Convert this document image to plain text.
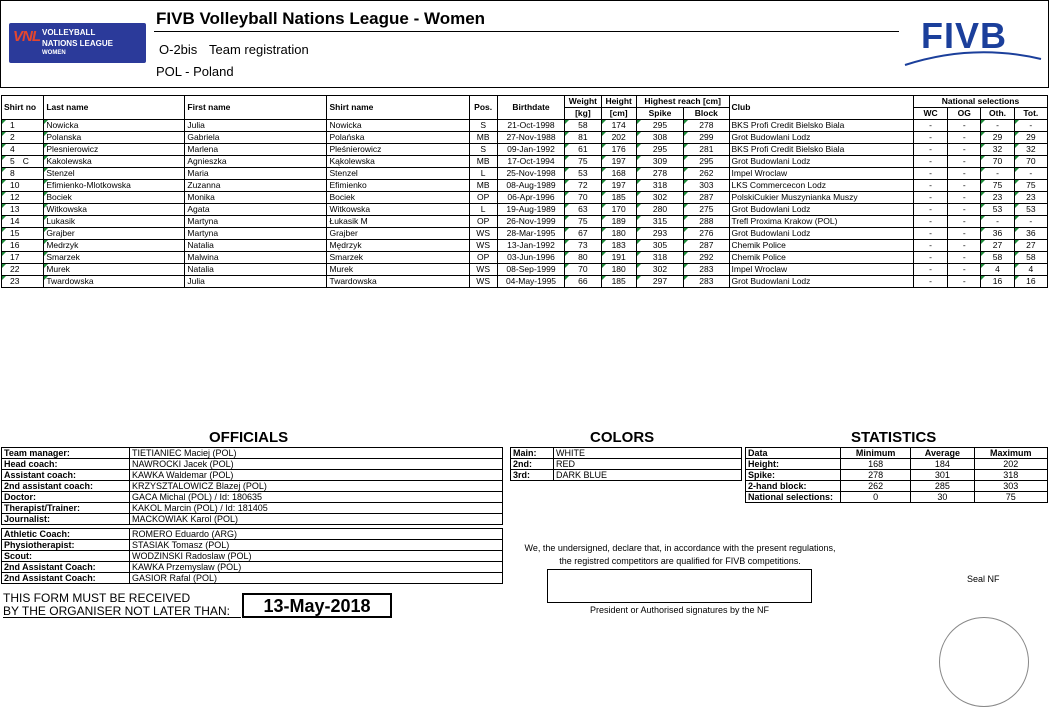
VNL VOLLEYBALL
NATIONS LEAGUE
WOMEN
FIVB Volleyball Nations League - Women
O-2bis Team registration
POL - Poland
FIVB
Shirt no	Last name	First name	Shirt name	Pos.	Birthdate	Weight	Height	Highest reach [cm]		Club	National selections			
						[kg]	[cm]	Spike	Block		WC	OG	Oth.	Tot.
1	Nowicka	Julia	Nowicka	S	21-Oct-1998	58	174	295	278	BKS Profi Credit Bielsko Biala	-	-	-	-
2	Polanska	Gabriela	Polańska	MB	27-Nov-1988	81	202	308	299	Grot Budowlani Lodz	-	-	29	29
4	Plesnierowicz	Marlena	Pleśnierowicz	S	09-Jan-1992	61	176	295	281	BKS Profi Credit Bielsko Biala	-	-	32	32
5 C	Kakolewska	Agnieszka	Kąkolewska	MB	17-Oct-1994	75	197	309	295	Grot Budowlani Lodz	-	-	70	70
8	Stenzel	Maria	Stenzel	L	25-Nov-1998	53	168	278	262	Impel Wroclaw	-	-	-	-
10	Efimienko-Mlotkowska	Zuzanna	Efimienko	MB	08-Aug-1989	72	197	318	303	LKS Commercecon Lodz	-	-	75	75
12	Bociek	Monika	Bociek	OP	06-Apr-1996	70	185	302	287	PolskiCukier Muszynianka Muszy	-	-	23	23
13	Witkowska	Agata	Witkowska	L	19-Aug-1989	63	170	280	275	Grot Budowlani Lodz	-	-	53	53
14	Lukasik	Martyna	Łukasik M	OP	26-Nov-1999	75	189	315	288	Trefl Proxima Krakow (POL)	-	-	-	-
15	Grajber	Martyna	Grajber	WS	28-Mar-1995	67	180	293	276	Grot Budowlani Lodz	-	-	36	36
16	Medrzyk	Natalia	Mędrzyk	WS	13-Jan-1992	73	183	305	287	Chemik Police	-	-	27	27
17	Smarzek	Malwina	Smarzek	OP	03-Jun-1996	80	191	318	292	Chemik Police	-	-	58	58
22	Murek	Natalia	Murek	WS	08-Sep-1999	70	180	302	283	Impel Wroclaw	-	-	4	4
23	Twardowska	Julia	Twardowska	WS	04-May-1995	66	185	297	283	Grot Budowlani Lodz	-	-	16	16
OFFICIALS
Team manager:	TIETIANIEC Maciej (POL)
Head coach:	NAWROCKI Jacek (POL)
Assistant coach:	KAWKA Waldemar (POL)
2nd assistant coach:	KRZYSZTALOWICZ Blazej (POL)
Doctor:	GACA Michal (POL) / Id: 180635
Therapist/Trainer:	KAKOL Marcin (POL) / Id: 181405
Journalist:	MACKOWIAK Karol (POL)

Athletic Coach:	ROMERO Eduardo (ARG)
Physiotherapist:	STASIAK Tomasz (POL)
Scout:	WODZINSKI Radoslaw (POL)
2nd Assistant Coach:	KAWKA Przemyslaw (POL)
2nd Assistant Coach:	GASIOR Rafal (POL)
COLORS
Main:	WHITE
2nd:	RED
3rd:	DARK BLUE
STATISTICS
Data	Minimum	Average	Maximum
Height:	168	184	202
Spike:	278	301	318
2-hand block:	262	285	303
National selections:	0	30	75
THIS FORM MUST BE RECEIVED
BY THE ORGANISER NOT LATER THAN:	13-May-2018
We, the undersigned, declare that, in accordance with the present regulations,
the registred competitors are qualified for FIVB competitions.
President or Authorised signatures by the NF
Seal NF
